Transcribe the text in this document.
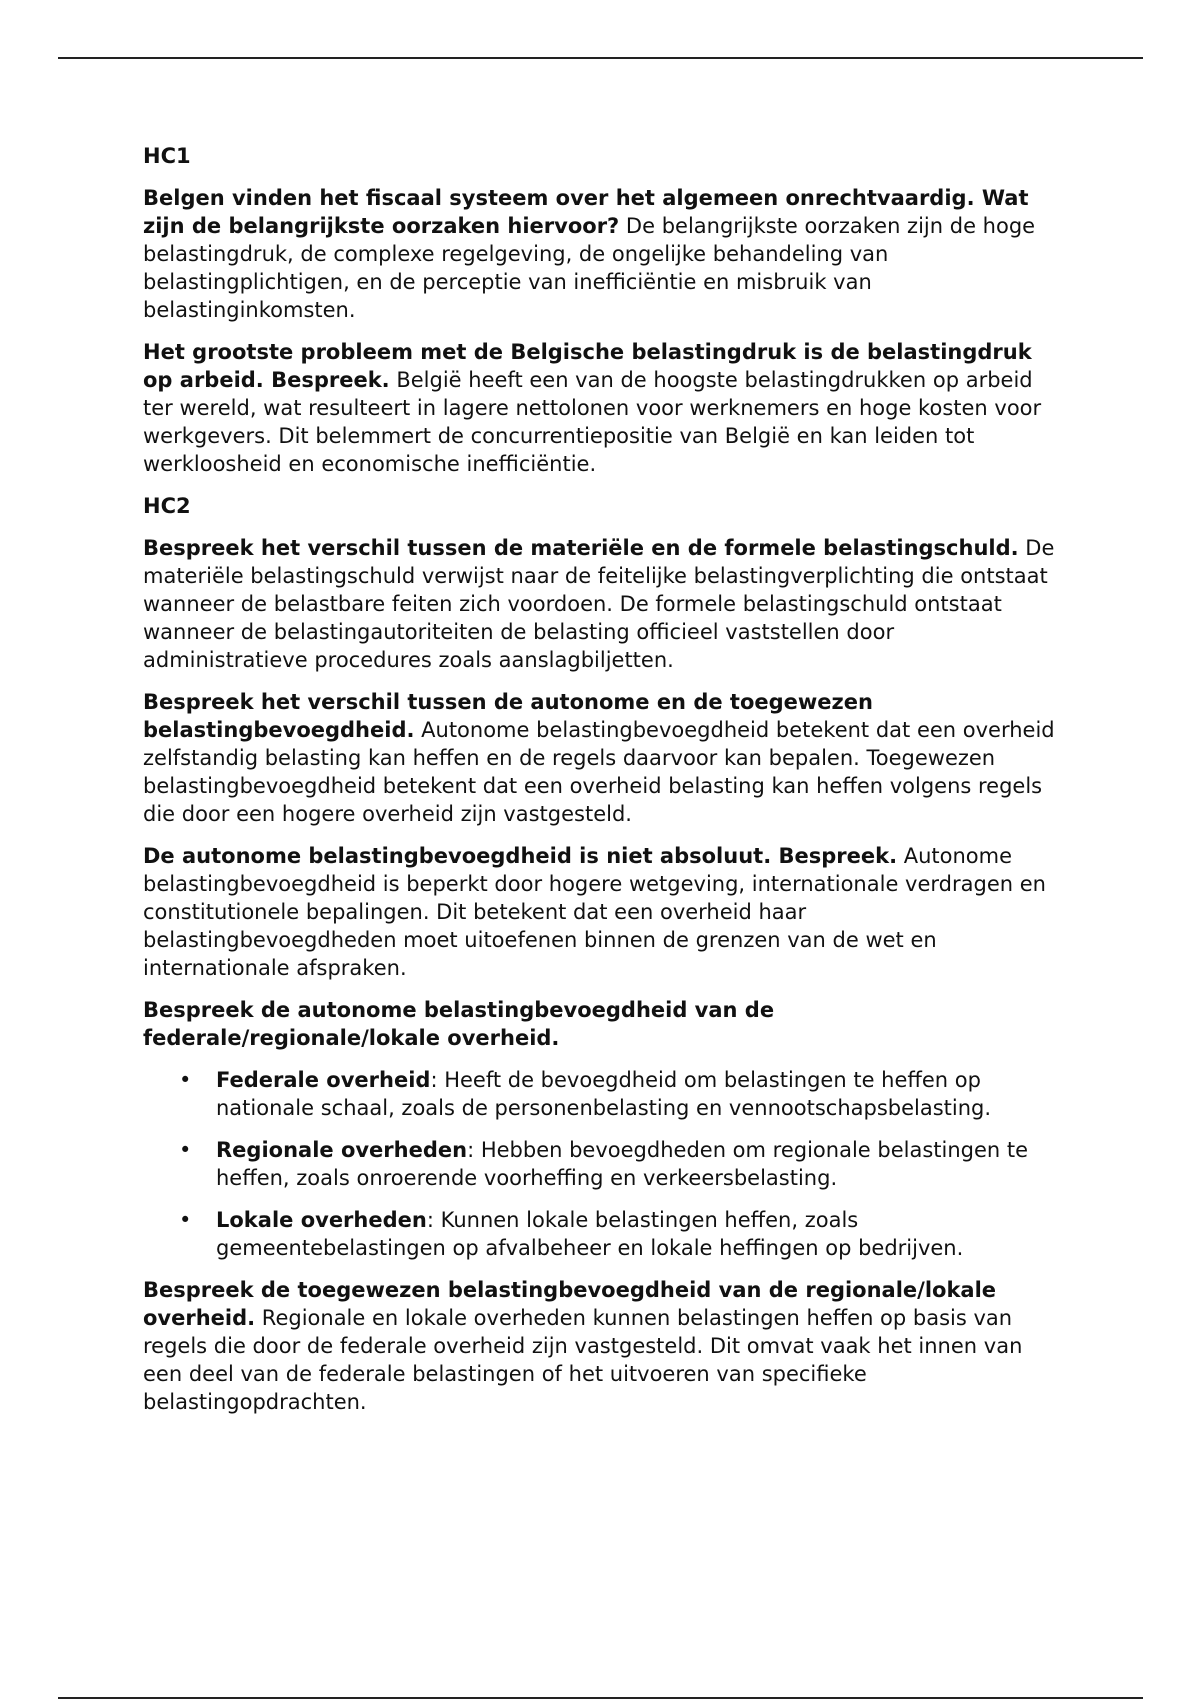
HC1

Belgen vinden het fiscaal systeem over het algemeen onrechtvaardig. Wat zijn de belangrijkste oorzaken hiervoor? De belangrijkste oorzaken zijn de hoge belastingdruk, de complexe regelgeving, de ongelijke behandeling van belastingplichtigen, en de perceptie van inefficiëntie en misbruik van belastinginkomsten.

Het grootste probleem met de Belgische belastingdruk is de belastingdruk op arbeid. Bespreek. België heeft een van de hoogste belastingdrukken op arbeid ter wereld, wat resulteert in lagere nettolonen voor werknemers en hoge kosten voor werkgevers. Dit belemmert de concurrentiepositie van België en kan leiden tot werkloosheid en economische inefficiëntie.

HC2

Bespreek het verschil tussen de materiële en de formele belastingschuld. De materiële belastingschuld verwijst naar de feitelijke belastingverplichting die ontstaat wanneer de belastbare feiten zich voordoen. De formele belastingschuld ontstaat wanneer de belastingautoriteiten de belasting officieel vaststellen door administratieve procedures zoals aanslagbiljetten.

Bespreek het verschil tussen de autonome en de toegewezen belastingbevoegdheid. Autonome belastingbevoegdheid betekent dat een overheid zelfstandig belasting kan heffen en de regels daarvoor kan bepalen. Toegewezen belastingbevoegdheid betekent dat een overheid belasting kan heffen volgens regels die door een hogere overheid zijn vastgesteld.

De autonome belastingbevoegdheid is niet absoluut. Bespreek. Autonome belastingbevoegdheid is beperkt door hogere wetgeving, internationale verdragen en constitutionele bepalingen. Dit betekent dat een overheid haar belastingbevoegdheden moet uitoefenen binnen de grenzen van de wet en internationale afspraken.

Bespreek de autonome belastingbevoegdheid van de federale/regionale/lokale overheid.

• Federale overheid: Heeft de bevoegdheid om belastingen te heffen op nationale schaal, zoals de personenbelasting en vennootschapsbelasting.
• Regionale overheden: Hebben bevoegdheden om regionale belastingen te heffen, zoals onroerende voorheffing en verkeersbelasting.
• Lokale overheden: Kunnen lokale belastingen heffen, zoals gemeentebelastingen op afvalbeheer en lokale heffingen op bedrijven.

Bespreek de toegewezen belastingbevoegdheid van de regionale/lokale overheid. Regionale en lokale overheden kunnen belastingen heffen op basis van regels die door de federale overheid zijn vastgesteld. Dit omvat vaak het innen van een deel van de federale belastingen of het uitvoeren van specifieke belastingopdrachten.
